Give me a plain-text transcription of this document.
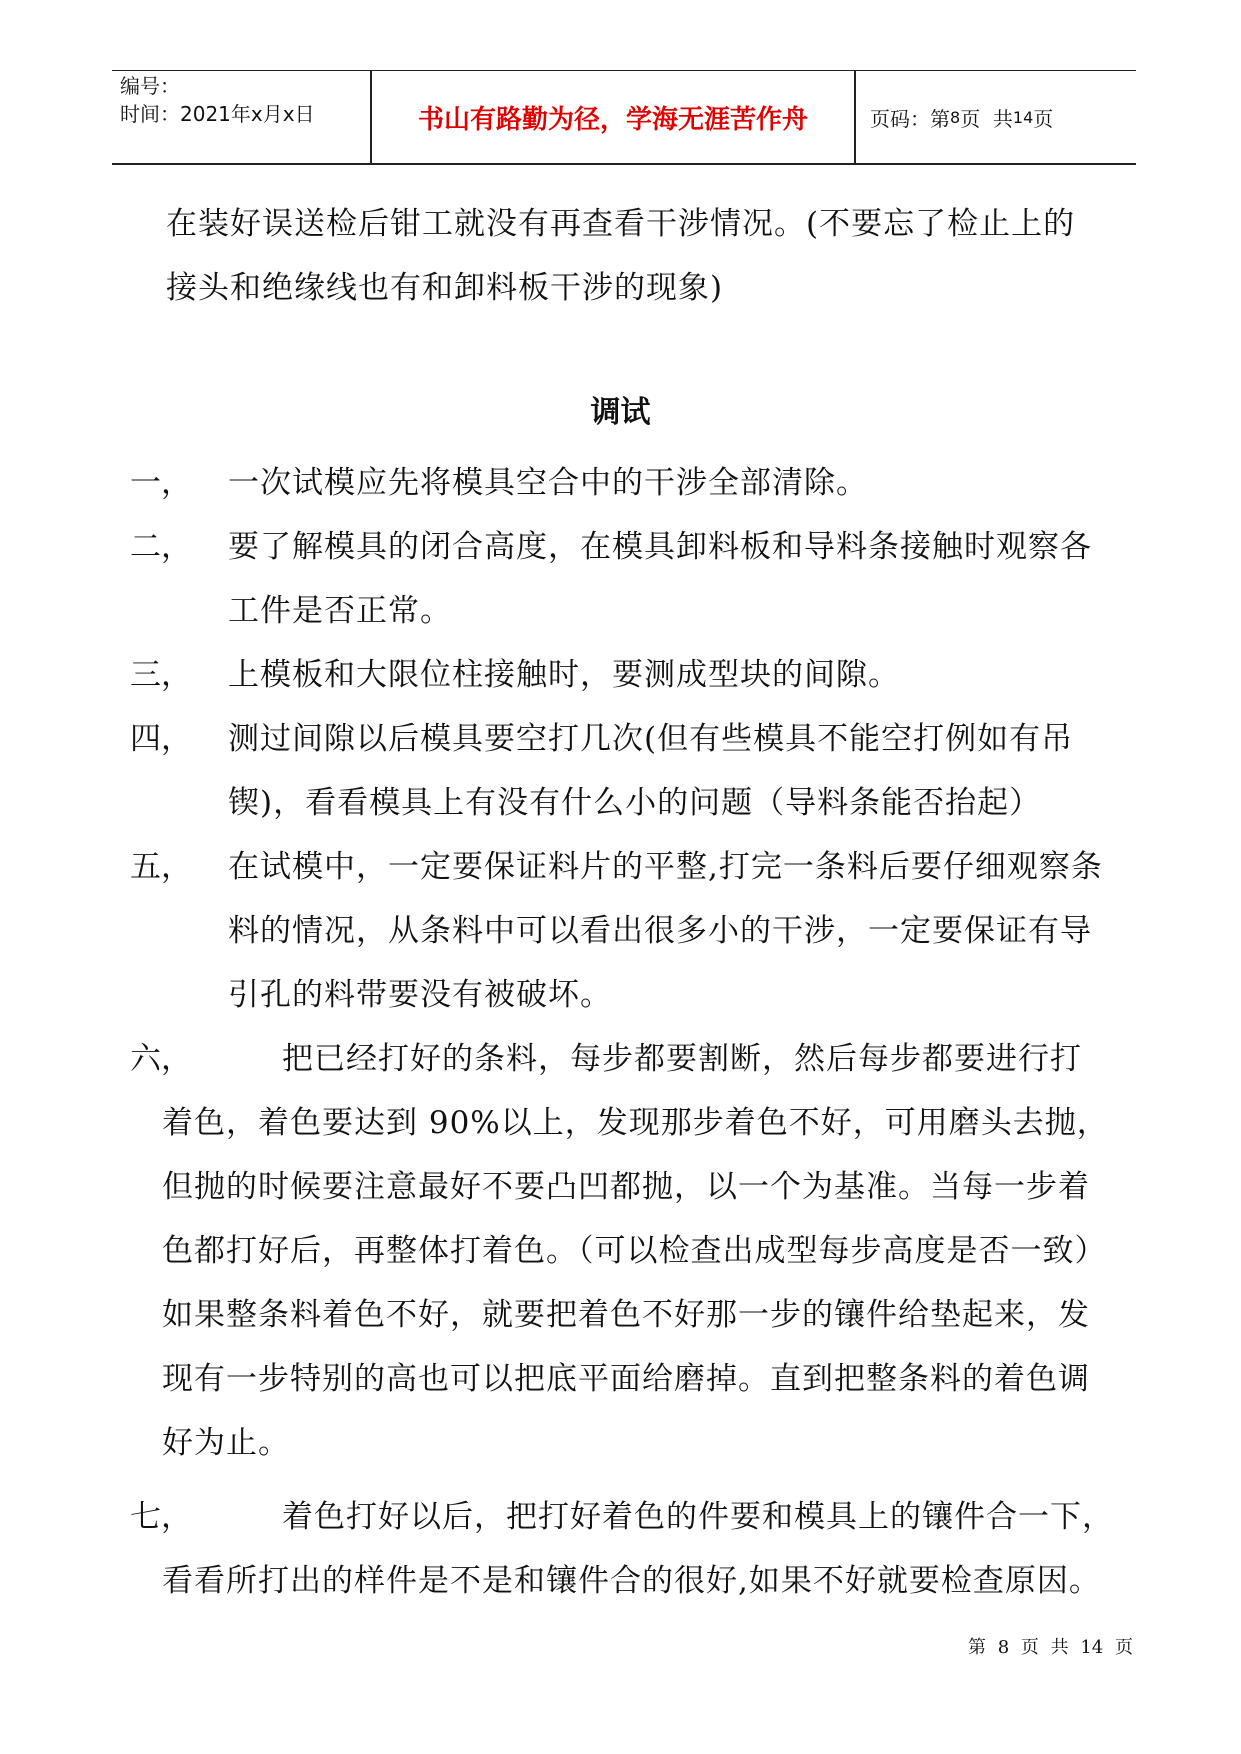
编号：
时间：2021年x月x日	书山有路勤为径，学海无涯苦作舟	页码：第 8 页  共 14 页
在装好误送检后钳工就没有再查看干涉情况。(不要忘了检止上的
接头和绝缘线也有和卸料板干涉的现象)
调试
一， 一次试模应先将模具空合中的干涉全部清除。
二， 要了解模具的闭合高度，在模具卸料板和导料条接触时观察各
工件是否正常。
三， 上模板和大限位柱接触时，要测成型块的间隙。
四， 测过间隙以后模具要空打几次(但有些模具不能空打例如有吊
锲)，看看模具上有没有什么小的问题（导料条能否抬起）
五， 在试模中，一定要保证料片的平整,打完一条料后要仔细观察条
料的情况，从条料中可以看出很多小的干涉，一定要保证有导
引孔的料带要没有被破坏。
六，	把已经打好的条料，每步都要割断，然后每步都要进行打
着色，着色要达到 90%以上，发现那步着色不好，可用磨头去抛，
但抛的时候要注意最好不要凸凹都抛，以一个为基准。当每一步着
色都打好后，再整体打着色。（可以检查出成型每步高度是否一致）
如果整条料着色不好，就要把着色不好那一步的镶件给垫起来，发
现有一步特别的高也可以把底平面给磨掉。直到把整条料的着色调
好为止。
七，	着色打好以后，把打好着色的件要和模具上的镶件合一下，
看看所打出的样件是不是和镶件合的很好,如果不好就要检查原因。
第 8 页 共 14 页
